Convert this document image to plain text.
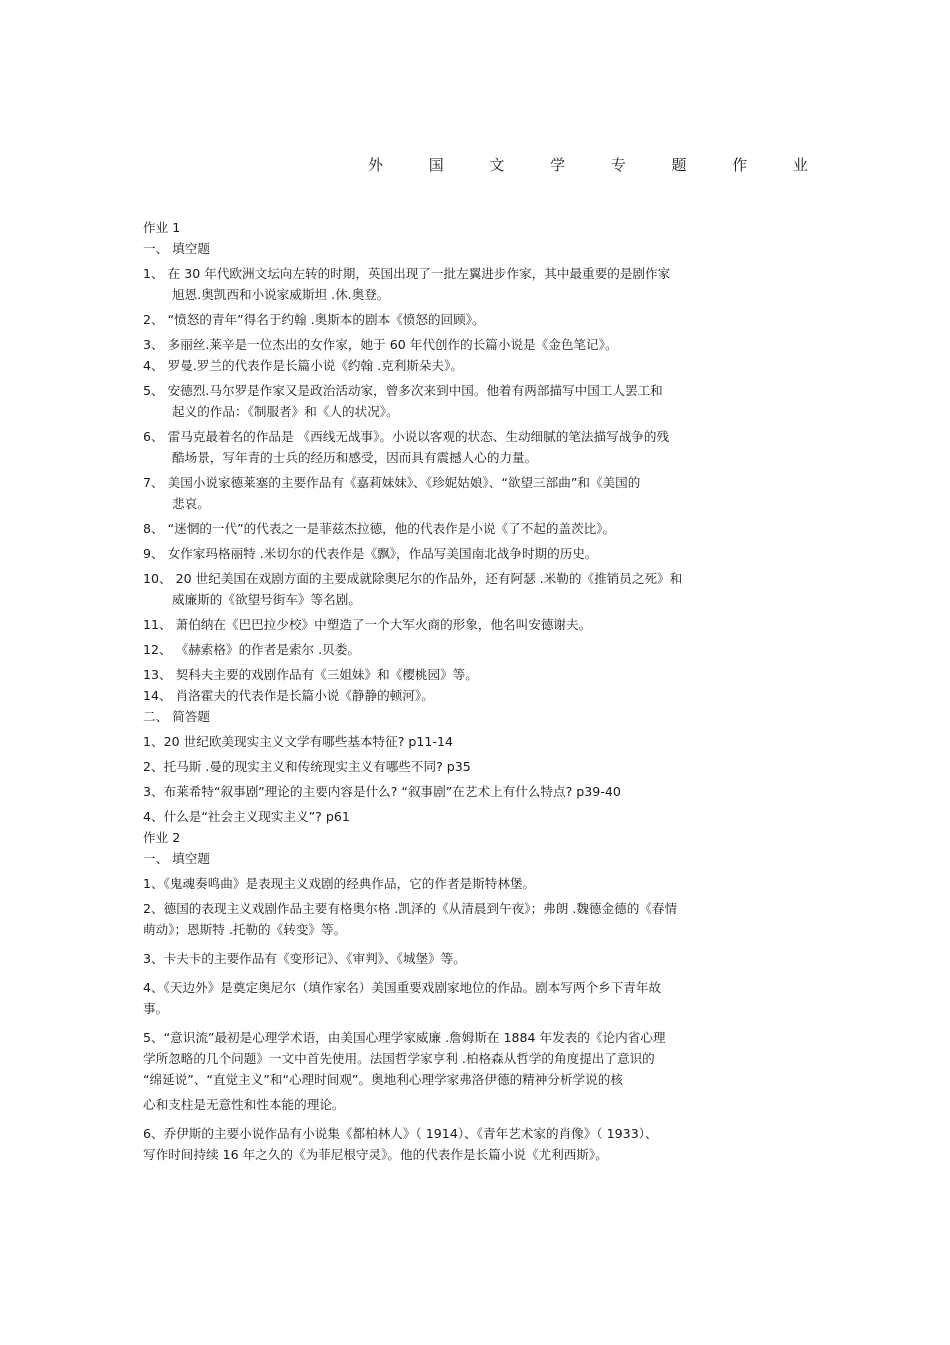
外	国	文	学	专	题	作	业
作业 1
一、 填空题
1、 在 30 年代欧洲文坛向左转的时期，英国出现了一批左翼进步作家，其中最重要的是剧作家
旭恩.奥凯西和小说家威斯坦 .休.奥登。
2、 “愤怒的青年”得名于约翰 .奥斯本的剧本《愤怒的回顾》。
3、 多丽丝.莱辛是一位杰出的女作家，她于 60 年代创作的长篇小说是《金色笔记》。
4、 罗曼.罗兰的代表作是长篇小说《约翰 .克利斯朵夫》。
5、 安德烈.马尔罗是作家又是政治活动家，曾多次来到中国。他着有两部描写中国工人罢工和
起义的作品：《制服者》和《人的状况》。
6、 雷马克最着名的作品是 《西线无战事》。小说以客观的状态、生动细腻的笔法描写战争的残
酷场景，写年青的士兵的经历和感受，因而具有震撼人心的力量。
7、 美国小说家德莱塞的主要作品有《嘉莉妹妹》、《珍妮姑娘》、“欲望三部曲”和《美国的
悲哀。
8、 “迷惘的一代”的代表之一是菲兹杰拉德，他的代表作是小说《了不起的盖茨比》。
9、 女作家玛格丽特 .米切尔的代表作是《飘》，作品写美国南北战争时期的历史。
10、 20 世纪美国在戏剧方面的主要成就除奥尼尔的作品外，还有阿瑟 .米勒的《推销员之死》和
威廉斯的《欲望号街车》等名剧。
11、 萧伯纳在《巴巴拉少校》中塑造了一个大军火商的形象，他名叫安德谢夫。
12、 《赫索格》的作者是索尔 .贝娄。
13、 契科夫主要的戏剧作品有《三姐妹》和《樱桃园》等。
14、 肖洛霍夫的代表作是长篇小说《静静的顿河》。
二、 简答题
1、20 世纪欧美现实主义文学有哪些基本特征? p11-14
2、托马斯 .曼的现实主义和传统现实主义有哪些不同? p35
3、布莱希特“叙事剧”理论的主要内容是什么? “叙事剧”在艺术上有什么特点? p39-40
4、什么是“社会主义现实主义”? p61
作业 2
一、 填空题
1、《鬼魂奏鸣曲》是表现主义戏剧的经典作品，它的作者是斯特林堡。
2、德国的表现主义戏剧作品主要有格奥尔格 .凯泽的《从清晨到午夜》；弗朗 .魏德金德的《春情
萌动》；恩斯特 .托勒的《转变》等。
3、卡夫卡的主要作品有《变形记》、《审判》、《城堡》等。
4、《天边外》是奠定奥尼尔（填作家名）美国重要戏剧家地位的作品。剧本写两个乡下青年故
事。
5、“意识流”最初是心理学术语，由美国心理学家威廉 .詹姆斯在 1884 年发表的《论内省心理
学所忽略的几个问题》一文中首先使用。法国哲学家亨利 .柏格森从哲学的角度提出了意识的
“绵延说”、“直觉主义”和“心理时间观”。奥地利心理学家弗洛伊德的精神分析学说的核
心和支柱是无意性和性本能的理论。
6、乔伊斯的主要小说作品有小说集《都柏林人》（ 1914）、《青年艺术家的肖像》（ 1933）、
写作时间持续 16 年之久的《为菲尼根守灵》。他的代表作是长篇小说《尤利西斯》。
